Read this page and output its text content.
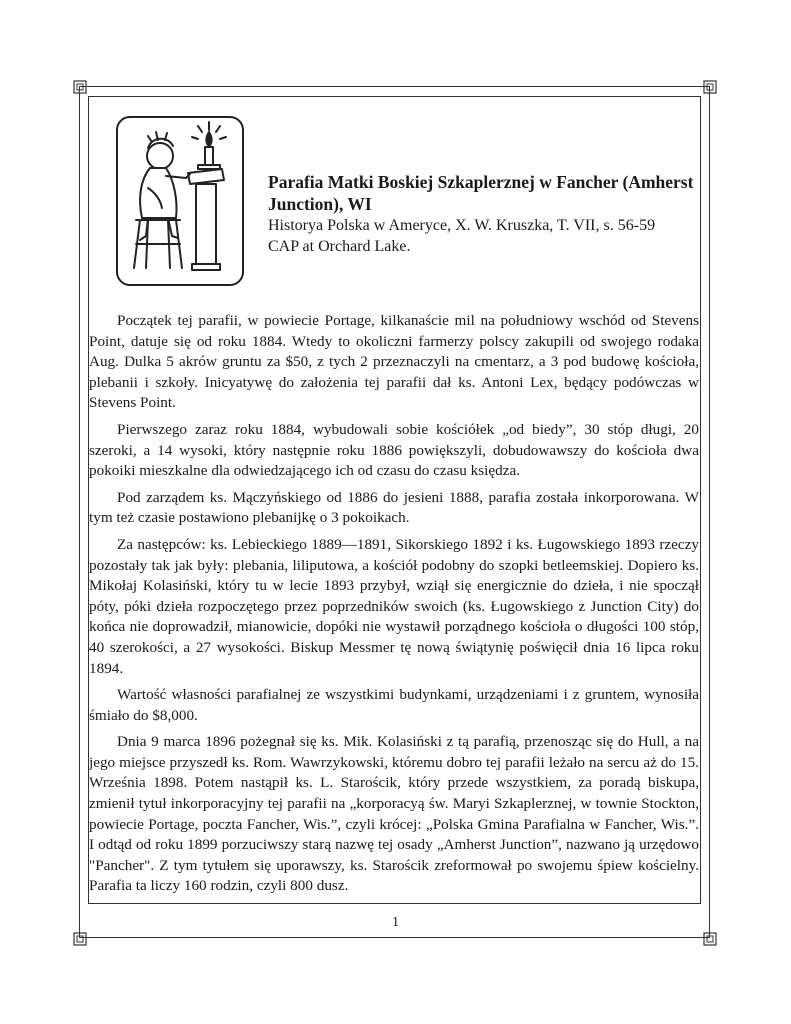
Parafia Matki Boskiej Szkaplerznej w Fancher (Amherst Junction), WI

Historya Polska w Ameryce, X. W. Kruszka, T. VII, s. 56-59

CAP at Orchard Lake.

Początek tej parafii, w powiecie Portage, kilkanaście mil na południowy wschód od Stevens Point, datuje się od roku 1884. Wtedy to okoliczni farmerzy polscy zakupili od swojego rodaka Aug. Dulka 5 akrów gruntu za $50, z tych 2 przeznaczyli na cmentarz, a 3 pod budowę kościoła, plebanii i szkoły. Inicyatywę do założenia tej parafii dał ks. Antoni Lex, będący podówczas w Stevens Point.

Pierwszego zaraz roku 1884, wybudowali sobie kościółek „od biedy”, 30 stóp długi, 20 szeroki, a 14 wysoki, który następnie roku 1886 powiększyli, dobudowawszy do kościoła dwa pokoiki mieszkalne dla odwiedzającego ich od czasu do czasu księdza.

Pod zarządem ks. Mączyńskiego od 1886 do jesieni 1888, parafia została inkorporowana. W tym też czasie postawiono plebanijkę o 3 pokoikach.

Za następców: ks. Lebieckiego 1889—1891, Sikorskiego 1892 i ks. Ługowskiego 1893 rzeczy pozostały tak jak były: plebania, liliputowa, a kościół podobny do szopki betleemskiej. Dopiero ks. Mikołaj Kolasiński, który tu w lecie 1893 przybył, wziął się energicznie do dzieła, i nie spoczął póty, póki dzieła rozpoczętego przez poprzedników swoich (ks. Ługowskiego z Junction City) do końca nie doprowadził, mianowicie, dopóki nie wystawił porządnego kościoła o długości 100 stóp, 40 szerokości, a 27 wysokości. Biskup Messmer tę nową świątynię poświęcił dnia 16 lipca roku 1894.

Wartość własności parafialnej ze wszystkimi budynkami, urządzeniami i z gruntem, wynosiła śmiało do $8,000.

Dnia 9 marca 1896 pożegnał się ks. Mik. Kolasiński z tą parafią, przenosząc się do Hull, a na jego miejsce przyszedł ks. Rom. Wawrzykowski, któremu dobro tej parafii leżało na sercu aż do 15. Września 1898. Potem nastąpił ks. L. Starościk, który przede wszystkiem, za poradą biskupa, zmienił tytuł inkorporacyjny tej parafii na „korporacyą św. Maryi Szkaplerznej, w townie Stockton, powiecie Portage, poczta Fancher, Wis.”, czyli krócej: „Polska Gmina Parafialna w Fancher, Wis.”. I odtąd od roku 1899 porzuciwszy starą nazwę tej osady „Amherst Junction”, nazwano ją urzędowo "Pancher". Z tym tytułem się uporawszy, ks. Starościk zreformował po swojemu śpiew kościelny. Parafia ta liczy 160 rodzin, czyli 800 dusz.

1
